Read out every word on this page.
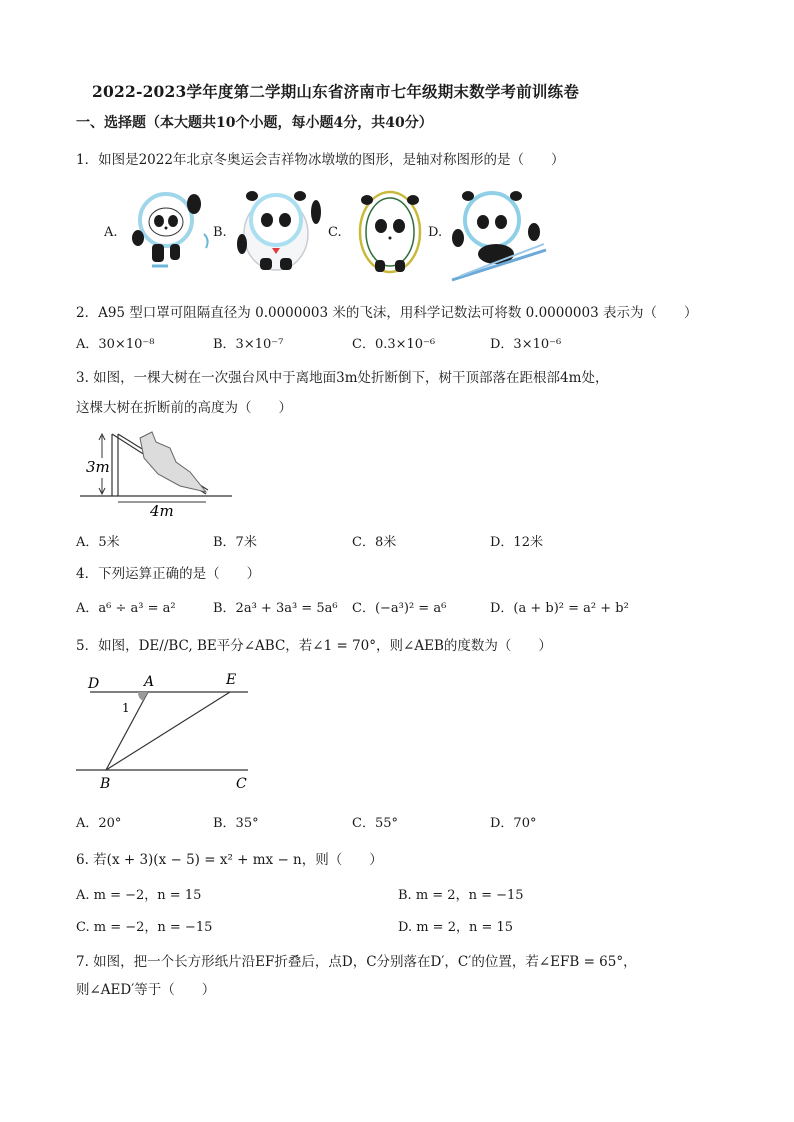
2022-2023学年度第二学期山东省济南市七年级期末数学考前训练卷
一、选择题（本大题共10个小题，每小题4分，共40分）
1．如图是2022年北京冬奥运会吉祥物冰墩墩的图形，是轴对称图形的是（　　）
A.	B.	C.	D.
2．A95 型口罩可阻隔直径为 0.0000003 米的飞沫，用科学记数法可将数 0.0000003 表示为（　　）
A．30×10⁻⁸	B．3×10⁻⁷	C．0.3×10⁻⁶	D．3×10⁻⁶
3. 如图，一棵大树在一次强台风中于离地面3m处折断倒下，树干顶部落在距根部4m处，
这棵大树在折断前的高度为（　　）
3m
4m
A．5米	B．7米	C．8米	D．12米
4．下列运算正确的是（　　）
A．a⁶ ÷ a³ = a²	B．2a³ + 3a³ = 5a⁶ C．(−a³)² = a⁶	D．(a + b)² = a² + b²
5．如图，DE//BC, BE平分∠ABC，若∠1 = 70°，则∠AEB的度数为（　　）
D	A	E
1
B	C
A．20°	B．35°	C．55°	D．70°
6. 若(x + 3)(x − 5) = x² + mx − n，则（　　）
A. m = −2，n = 15	B. m = 2，n = −15
C. m = −2，n = −15	D. m = 2，n = 15
7. 如图，把一个长方形纸片沿EF折叠后，点D，C分别落在D′，C′的位置，若∠EFB = 65°，
则∠AED′等于（　　）
